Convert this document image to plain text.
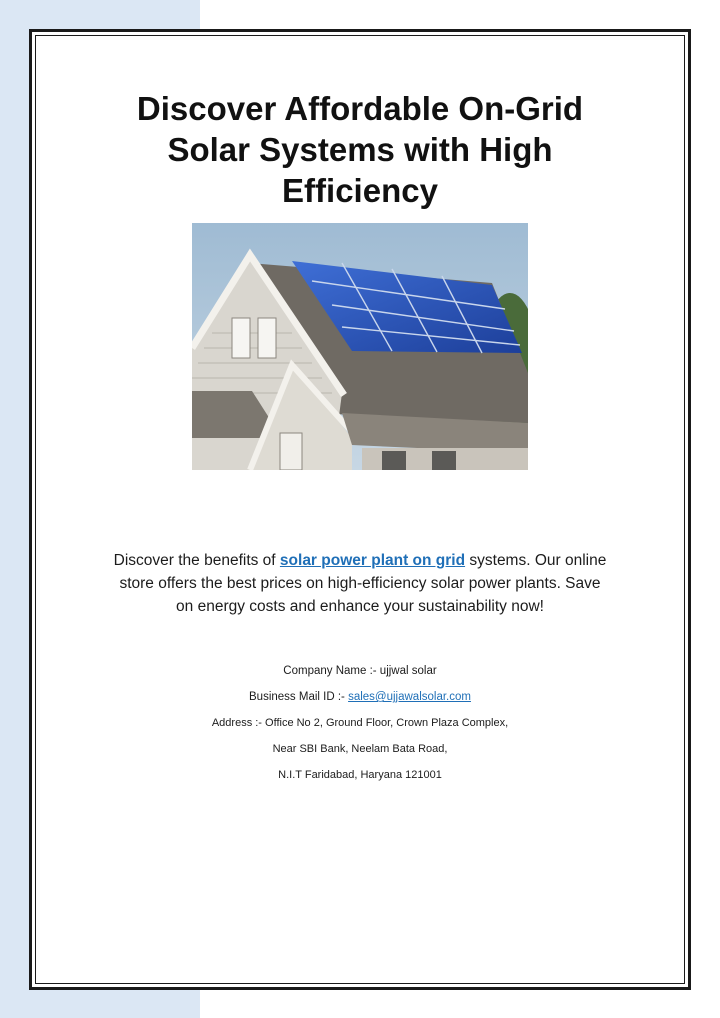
Discover Affordable On-Grid
Solar Systems with High
Efficiency
Discover the benefits of solar power plant on grid systems. Our online
store offers the best prices on high-efficiency solar power plants. Save
on energy costs and enhance your sustainability now!
Company Name :- ujjwal solar
Business Mail ID :- sales@ujjawalsolar.com
Address :- Office No 2, Ground Floor, Crown Plaza Complex,
Near SBI Bank, Neelam Bata Road,
N.I.T Faridabad, Haryana 121001
